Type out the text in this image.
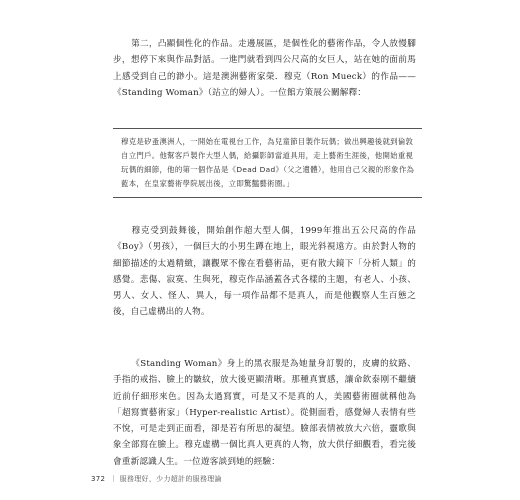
第二，凸顯個性化的作品。走邊展區，是個性化的藝術作品，令人放慢腳步，想停下來與作品對話。一進門就看到四公尺高的女巨人，站在她的面前馬上感受到自己的渺小。這是澳洲藝術家榮．穆克（Ron Mueck）的作品——《Standing Woman》（站立的婦人）。一位館方策展公關解釋：

穆克是矽蚤澳洲人，一開始在電視台工作，為兒童節目製作玩偶；做出興趣後就到倫敦自立門戶。他幫客戶製作大型人偶，給攝影師當道具用，走上藝術生涯後，他開始重視玩偶的細節，他的第一個作品是《Dead Dad》（父之遺體），他用自己父親的形象作為藍本，在皇家藝術學院展出後，立即驚豔藝術圈。」

穆克受到鼓舞後，開始創作超大型人偶，1999年推出五公尺高的作品《Boy》（男孩），一個巨大的小男生蹲在地上，眼光斜視遠方。由於對人物的細節描述的太過精緻，讓觀眾不像在看藝術品，更有散大鏡下「分析人類」的感覺。悲傷、寂寞、生與死，穆克作品涵蓋各式各樣的主題，有老人、小孩、男人、女人、怪人、異人，每一項作品都不是真人，而是他觀察人生百態之後，自己虛構出的人物。

《Standing Woman》身上的黑衣服是為她量身訂製的，皮膚的紋路、手指的戒指、臉上的皺紋，放大後更顯清晰。那種真實感，讓命欽泰刚不繼續近前仔細形來色。因為太過寫實，可是又不是真的人，美國藝術圈就稱他為「超寫實藝術家」（Hyper-realistic Artist）。從側面看，感覺婦人表情有些不悅，可是走到正面看，卻是若有所思的凝望。臉部表情被放大六倍，靈歌與象全部寫在臉上。穆克虛構一個比真人更真的人物，放大供仔細觀看，看完後會重新認識人生。一位遊客談到她的經驗：

372 ｜ 服務理好，少力超計的服務理論
